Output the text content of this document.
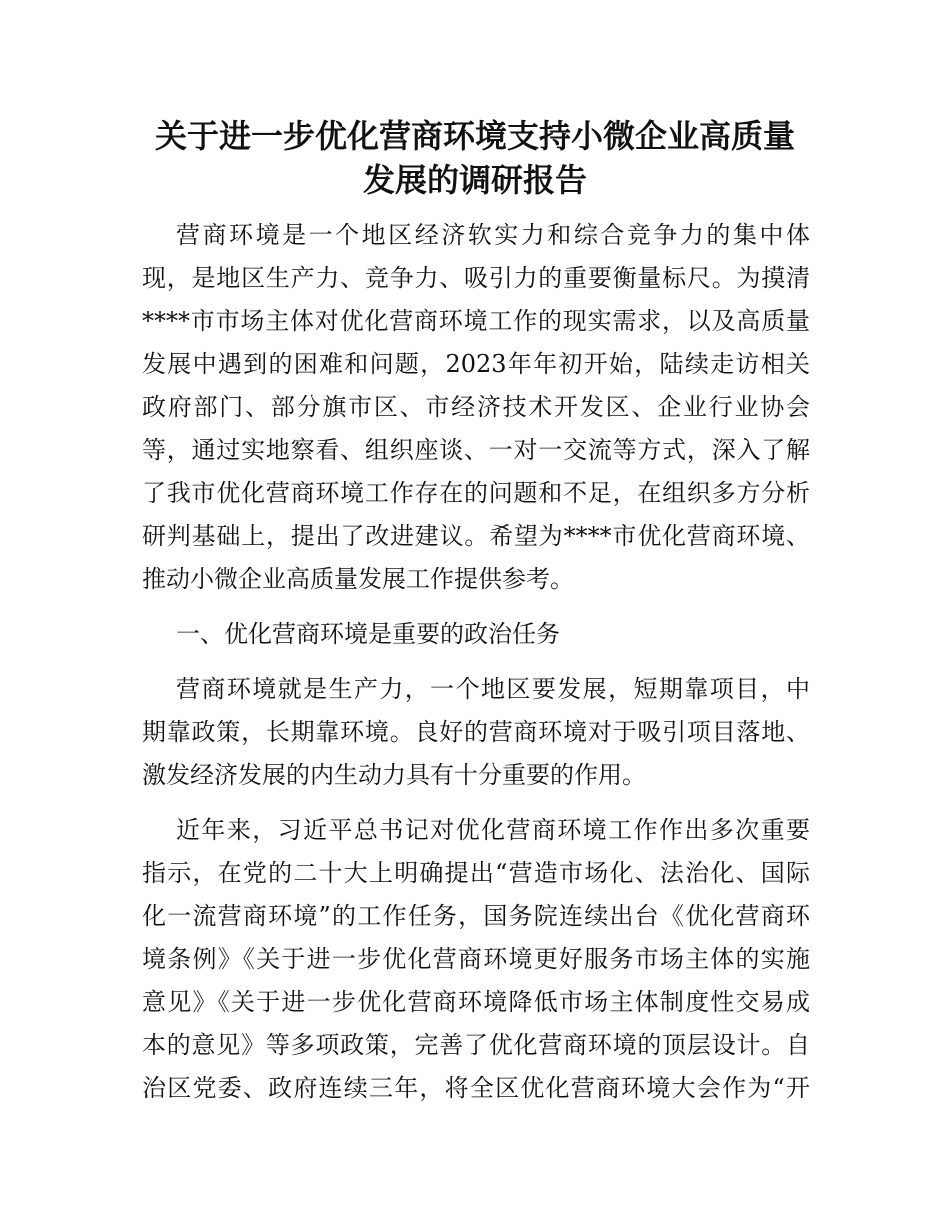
关于进一步优化营商环境支持小微企业高质量
发展的调研报告

营商环境是一个地区经济软实力和综合竞争力的集中体

现，是地区生产力、竞争力、吸引力的重要衡量标尺。为摸清

****市市场主体对优化营商环境工作的现实需求，以及高质量

发展中遇到的困难和问题，2023年年初开始，陆续走访相关

政府部门、部分旗市区、市经济技术开发区、企业行业协会

等，通过实地察看、组织座谈、一对一交流等方式，深入了解

了我市优化营商环境工作存在的问题和不足，在组织多方分析

研判基础上，提出了改进建议。希望为****市优化营商环境、

推动小微企业高质量发展工作提供参考。

一、优化营商环境是重要的政治任务

营商环境就是生产力，一个地区要发展，短期靠项目，中

期靠政策，长期靠环境。良好的营商环境对于吸引项目落地、

激发经济发展的内生动力具有十分重要的作用。

近年来，习近平总书记对优化营商环境工作作出多次重要

指示，在党的二十大上明确提出“营造市场化、法治化、国际

化一流营商环境”的工作任务，国务院连续出台《优化营商环

境条例》《关于进一步优化营商环境更好服务市场主体的实施

意见》《关于进一步优化营商环境降低市场主体制度性交易成

本的意见》等多项政策，完善了优化营商环境的顶层设计。自

治区党委、政府连续三年，将全区优化营商环境大会作为“开
